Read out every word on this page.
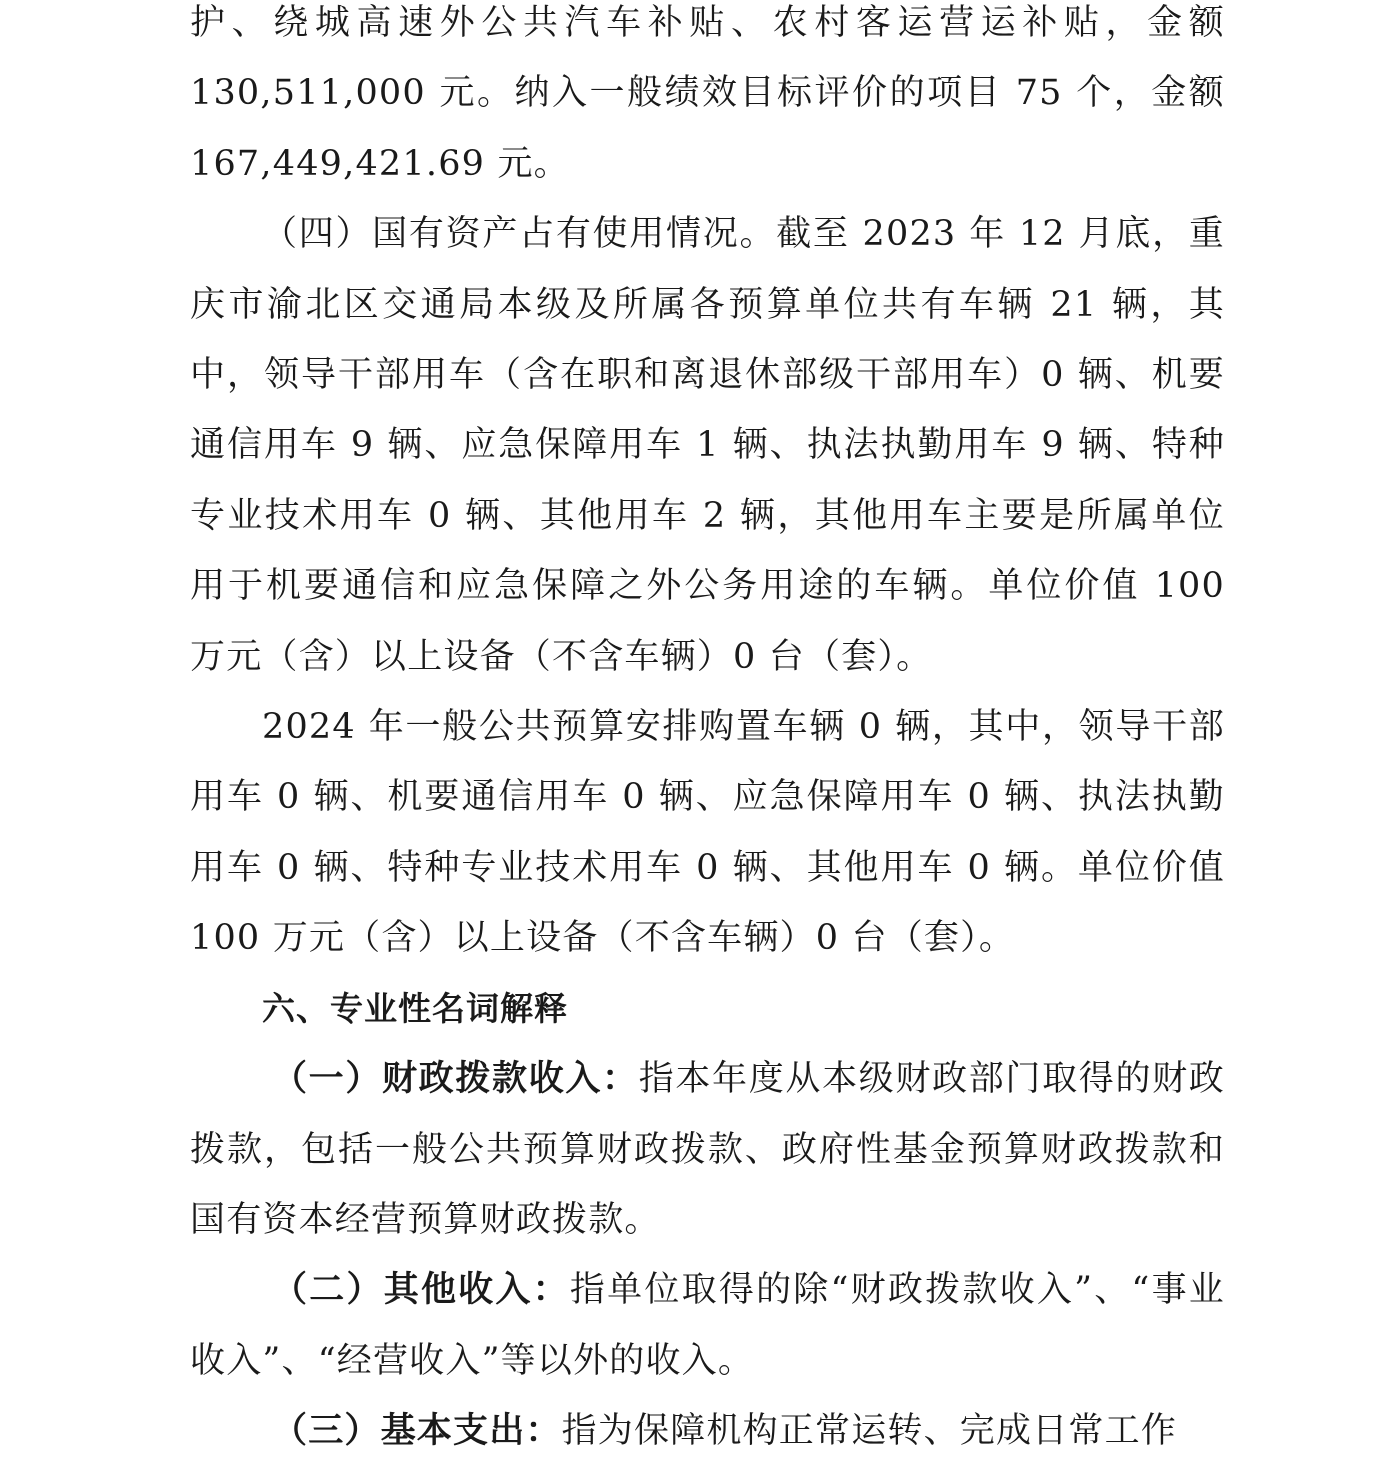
护、绕城高速外公共汽车补贴、农村客运营运补贴，金额130,511,000 元。纳入一般绩效目标评价的项目 75 个，金额167,449,421.69 元。

（四）国有资产占有使用情况。截至 2023 年 12 月底，重庆市渝北区交通局本级及所属各预算单位共有车辆 21 辆，其中，领导干部用车（含在职和离退休部级干部用车）0 辆、机要通信用车 9 辆、应急保障用车 1 辆、执法执勤用车 9 辆、特种专业技术用车 0 辆、其他用车 2 辆，其他用车主要是所属单位用于机要通信和应急保障之外公务用途的车辆。单位价值 100 万元（含）以上设备（不含车辆）0 台（套）。

2024 年一般公共预算安排购置车辆 0 辆，其中，领导干部用车 0 辆、机要通信用车 0 辆、应急保障用车 0 辆、执法执勤用车 0 辆、特种专业技术用车 0 辆、其他用车 0 辆。单位价值 100 万元（含）以上设备（不含车辆）0 台（套）。

六、专业性名词解释

（一）财政拨款收入：指本年度从本级财政部门取得的财政拨款，包括一般公共预算财政拨款、政府性基金预算财政拨款和国有资本经营预算财政拨款。

（二）其他收入：指单位取得的除“财政拨款收入”、“事业收入”、“经营收入”等以外的收入。

（三）基本支出：指为保障机构正常运转、完成日常工作
